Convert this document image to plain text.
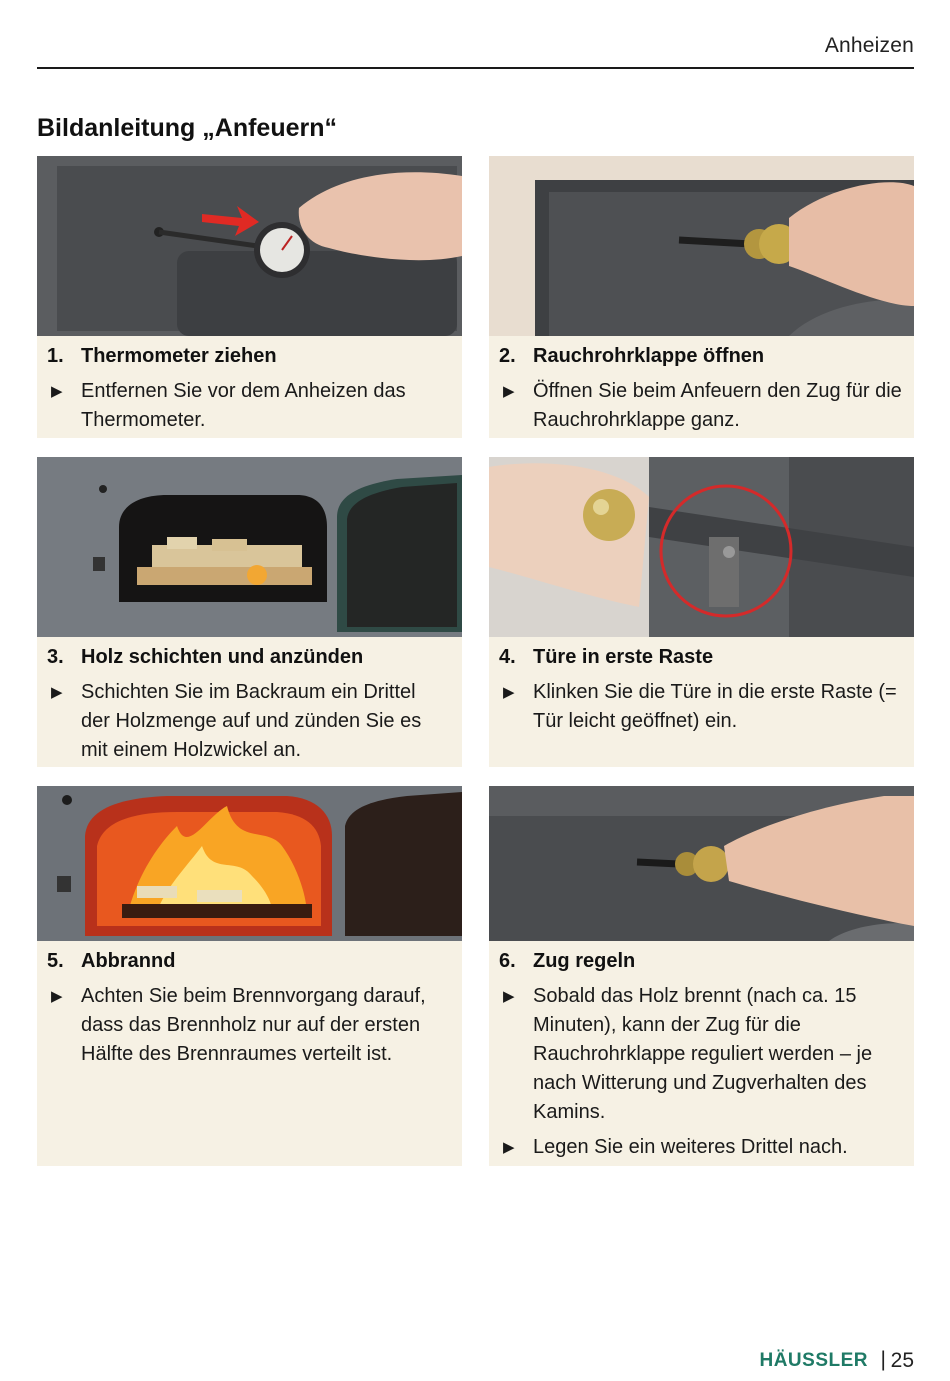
Anheizen
Bildanleitung „Anfeuern“
1. Thermometer ziehen
▶ Entfernen Sie vor dem Anheizen das Thermometer.
2. Rauchrohrklappe öffnen
▶ Öffnen Sie beim Anfeuern den Zug für die Rauchrohrklappe ganz.
3. Holz schichten und anzünden
▶ Schichten Sie im Backraum ein Drittel der Holzmenge auf und zünden Sie es mit einem Holzwickel an.
4. Türe in erste Raste
▶ Klinken Sie die Türe in die erste Raste (= Tür leicht geöffnet) ein.
5. Abbrannd
▶ Achten Sie beim Brennvorgang darauf, dass das Brennholz nur auf der ersten Hälfte des Brennraumes verteilt ist.
6. Zug regeln
▶ Sobald das Holz brennt (nach ca. 15 Minuten), kann der Zug für die Rauchrohrklappe reguliert werden – je nach Witterung und Zugverhalten des Kamins.
▶ Legen Sie ein weiteres Drittel nach.
HÄUSSLER | 25
